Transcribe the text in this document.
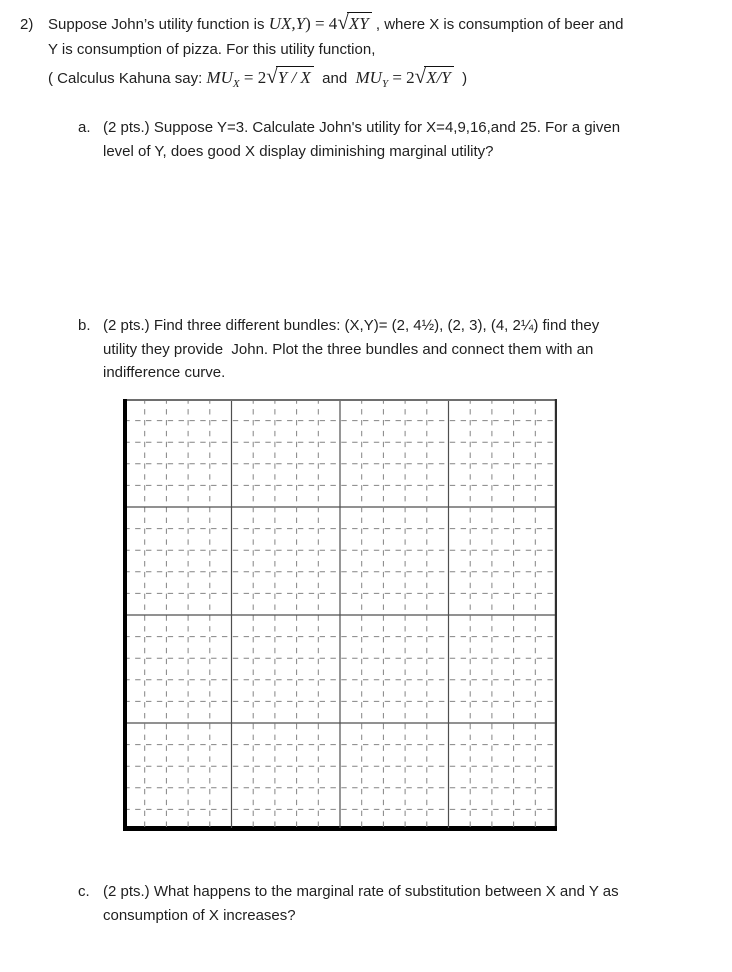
2) Suppose John’s utility function is UX,Y) = 4√XY , where X is consumption of beer and
Y is consumption of pizza. For this utility function,
( Calculus Kahuna say: $MU_X = 2√Y / X$  and  $MU_Y = 2√X/Y$  )
a. (2 pts.) Suppose Y=3. Calculate John's utility for X=4,9,16,and 25. For a given
level of Y, does good X display diminishing marginal utility?
b. (2 pts.) Find three different bundles: (X,Y)= (2, 4½), (2, 3), (4, 2¼) find they
utility they provide  John. Plot the three bundles and connect them with an
indifference curve.
c. (2 pts.) What happens to the marginal rate of substitution between X and Y as
consumption of X increases?
